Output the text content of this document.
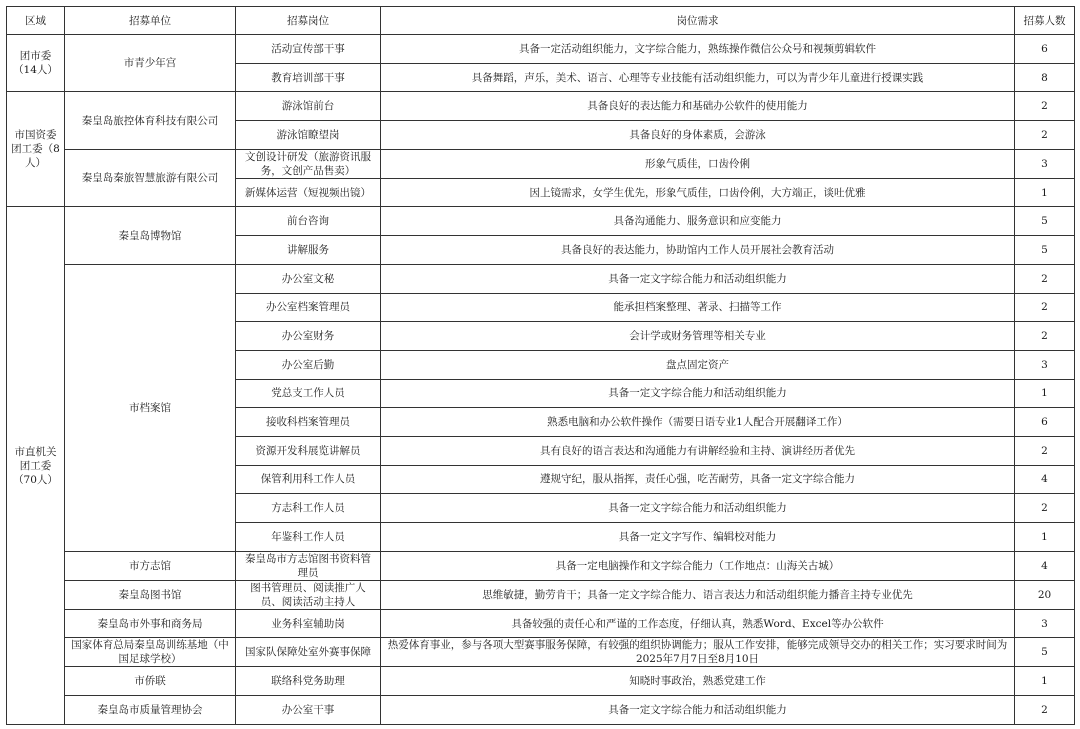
区域	招募单位	招募岗位	岗位需求	招募人数
团市委（14人）	市青少年宫	活动宣传部干事	具备一定活动组织能力，文字综合能力，熟练操作微信公众号和视频剪辑软件	6
		教育培训部干事	具备舞蹈，声乐，美术、语言、心理等专业技能有活动组织能力，可以为青少年儿童进行授课实践	8
市国资委团工委（8人）	秦皇岛旅控体育科技有限公司	游泳馆前台	具备良好的表达能力和基础办公软件的使用能力	2
		游泳馆瞭望岗	具备良好的身体素质，会游泳	2
	秦皇岛秦旅智慧旅游有限公司	文创设计研发（旅游资讯服务，文创产品售卖）	形象气质佳，口齿伶俐	3
		新媒体运营（短视频出镜）	因上镜需求，女学生优先，形象气质佳，口齿伶俐，大方端正，谈吐优雅	1
市直机关团工委（70人）	秦皇岛博物馆	前台咨询	具备沟通能力、服务意识和应变能力	5
		讲解服务	具备良好的表达能力，协助馆内工作人员开展社会教育活动	5
	市档案馆	办公室文秘	具备一定文字综合能力和活动组织能力	2
		办公室档案管理员	能承担档案整理、著录、扫描等工作	2
		办公室财务	会计学或财务管理等相关专业	2
		办公室后勤	盘点固定资产	3
		党总支工作人员	具备一定文字综合能力和活动组织能力	1
		接收科档案管理员	熟悉电脑和办公软件操作（需要日语专业1人配合开展翻译工作）	6
		资源开发科展览讲解员	具有良好的语言表达和沟通能力有讲解经验和主持、演讲经历者优先	2
		保管利用科工作人员	遵规守纪，服从指挥，责任心强，吃苦耐劳，具备一定文字综合能力	4
		方志科工作人员	具备一定文字综合能力和活动组织能力	2
		年鉴科工作人员	具备一定文字写作、编辑校对能力	1
	市方志馆	秦皇岛市方志馆图书资料管理员	具备一定电脑操作和文字综合能力（工作地点：山海关古城）	4
	秦皇岛图书馆	图书管理员、阅读推广人员、阅读活动主持人	思维敏捷，勤劳肯干；具备一定文字综合能力、语言表达力和活动组织能力播音主持专业优先	20
	秦皇岛市外事和商务局	业务科室辅助岗	具备较强的责任心和严谨的工作态度，仔细认真，熟悉Word、Excel等办公软件	3
	国家体育总局秦皇岛训练基地（中国足球学校）	国家队保障处室外赛事保障	热爱体育事业，参与各项大型赛事服务保障，有较强的组织协调能力；服从工作安排，能够完成领导交办的相关工作；实习要求时间为2025年7月7日至8月10日	5
	市侨联	联络科党务助理	知晓时事政治，熟悉党建工作	1
	秦皇岛市质量管理协会	办公室干事	具备一定文字综合能力和活动组织能力	2
